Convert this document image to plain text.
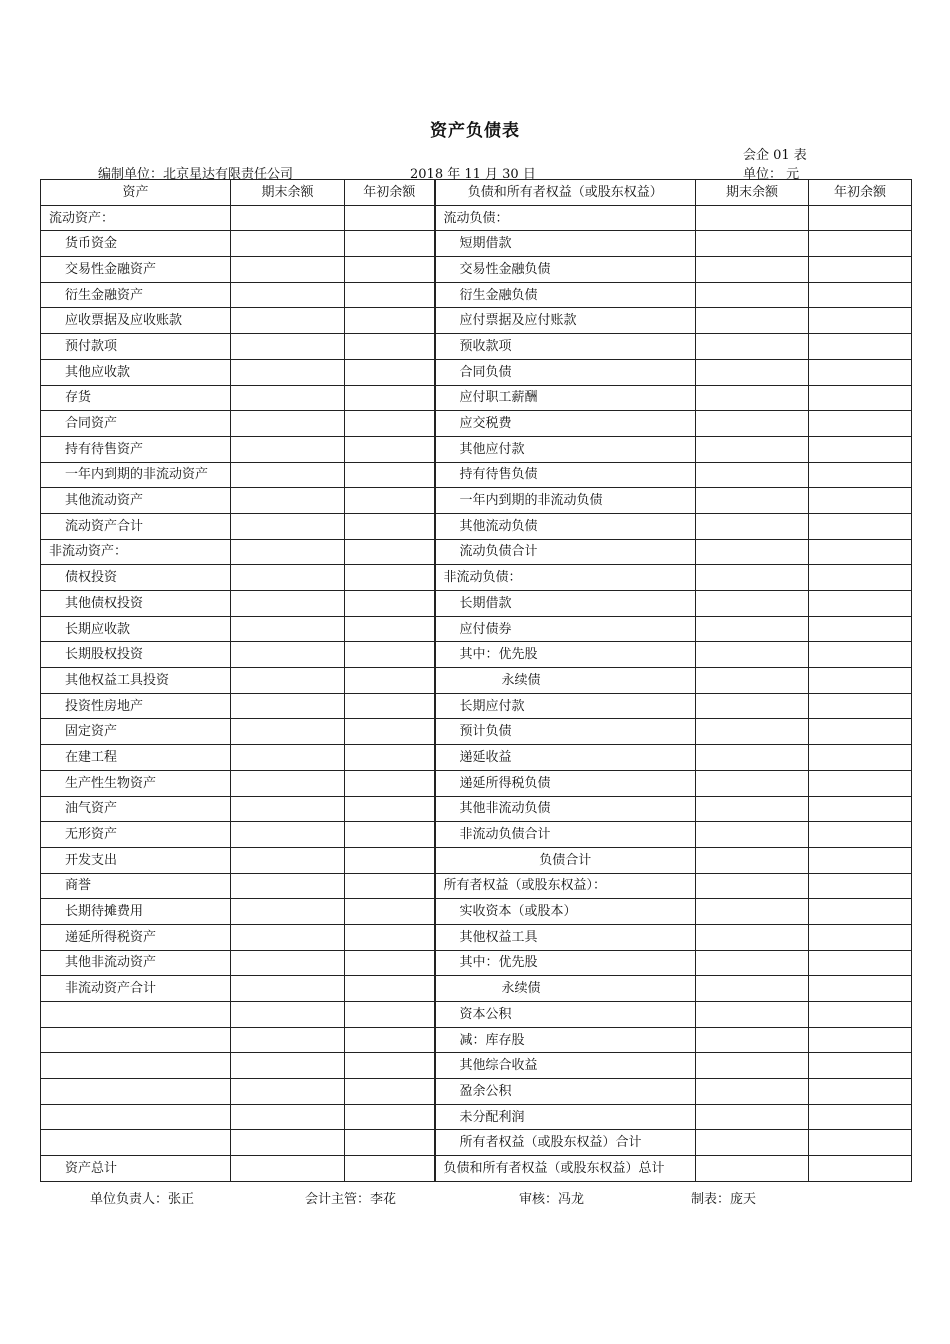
资产负债表
会企 01 表
编制单位：北京星达有限责任公司	2018 年 11 月 30 日	单位： 元
资产	期末余额	年初余额	负债和所有者权益（或股东权益）	期末余额	年初余额
流动资产：			流动负债：		
货币资金			短期借款		
交易性金融资产			交易性金融负债		
衍生金融资产			衍生金融负债		
应收票据及应收账款			应付票据及应付账款		
预付款项			预收款项		
其他应收款			合同负债		
存货			应付职工薪酬		
合同资产			应交税费		
持有待售资产			其他应付款		
一年内到期的非流动资产			持有待售负债		
其他流动资产			一年内到期的非流动负债		
流动资产合计			其他流动负债		
非流动资产：			流动负债合计		
债权投资			非流动负债：		
其他债权投资			长期借款		
长期应收款			应付债券		
长期股权投资			其中：优先股		
其他权益工具投资			永续债		
投资性房地产			长期应付款		
固定资产			预计负债		
在建工程			递延收益		
生产性生物资产			递延所得税负债		
油气资产			其他非流动负债		
无形资产			非流动负债合计		
开发支出			负债合计		
商誉			所有者权益（或股东权益）：		
长期待摊费用			实收资本（或股本）		
递延所得税资产			其他权益工具		
其他非流动资产			其中：优先股		
非流动资产合计			永续债		
			资本公积		
			减：库存股		
			其他综合收益		
			盈余公积		
			未分配利润		
			所有者权益（或股东权益）合计		
资产总计			负债和所有者权益（或股东权益）总计		
单位负责人：张正	会计主管：李花	审核：冯龙	制表：庞天
